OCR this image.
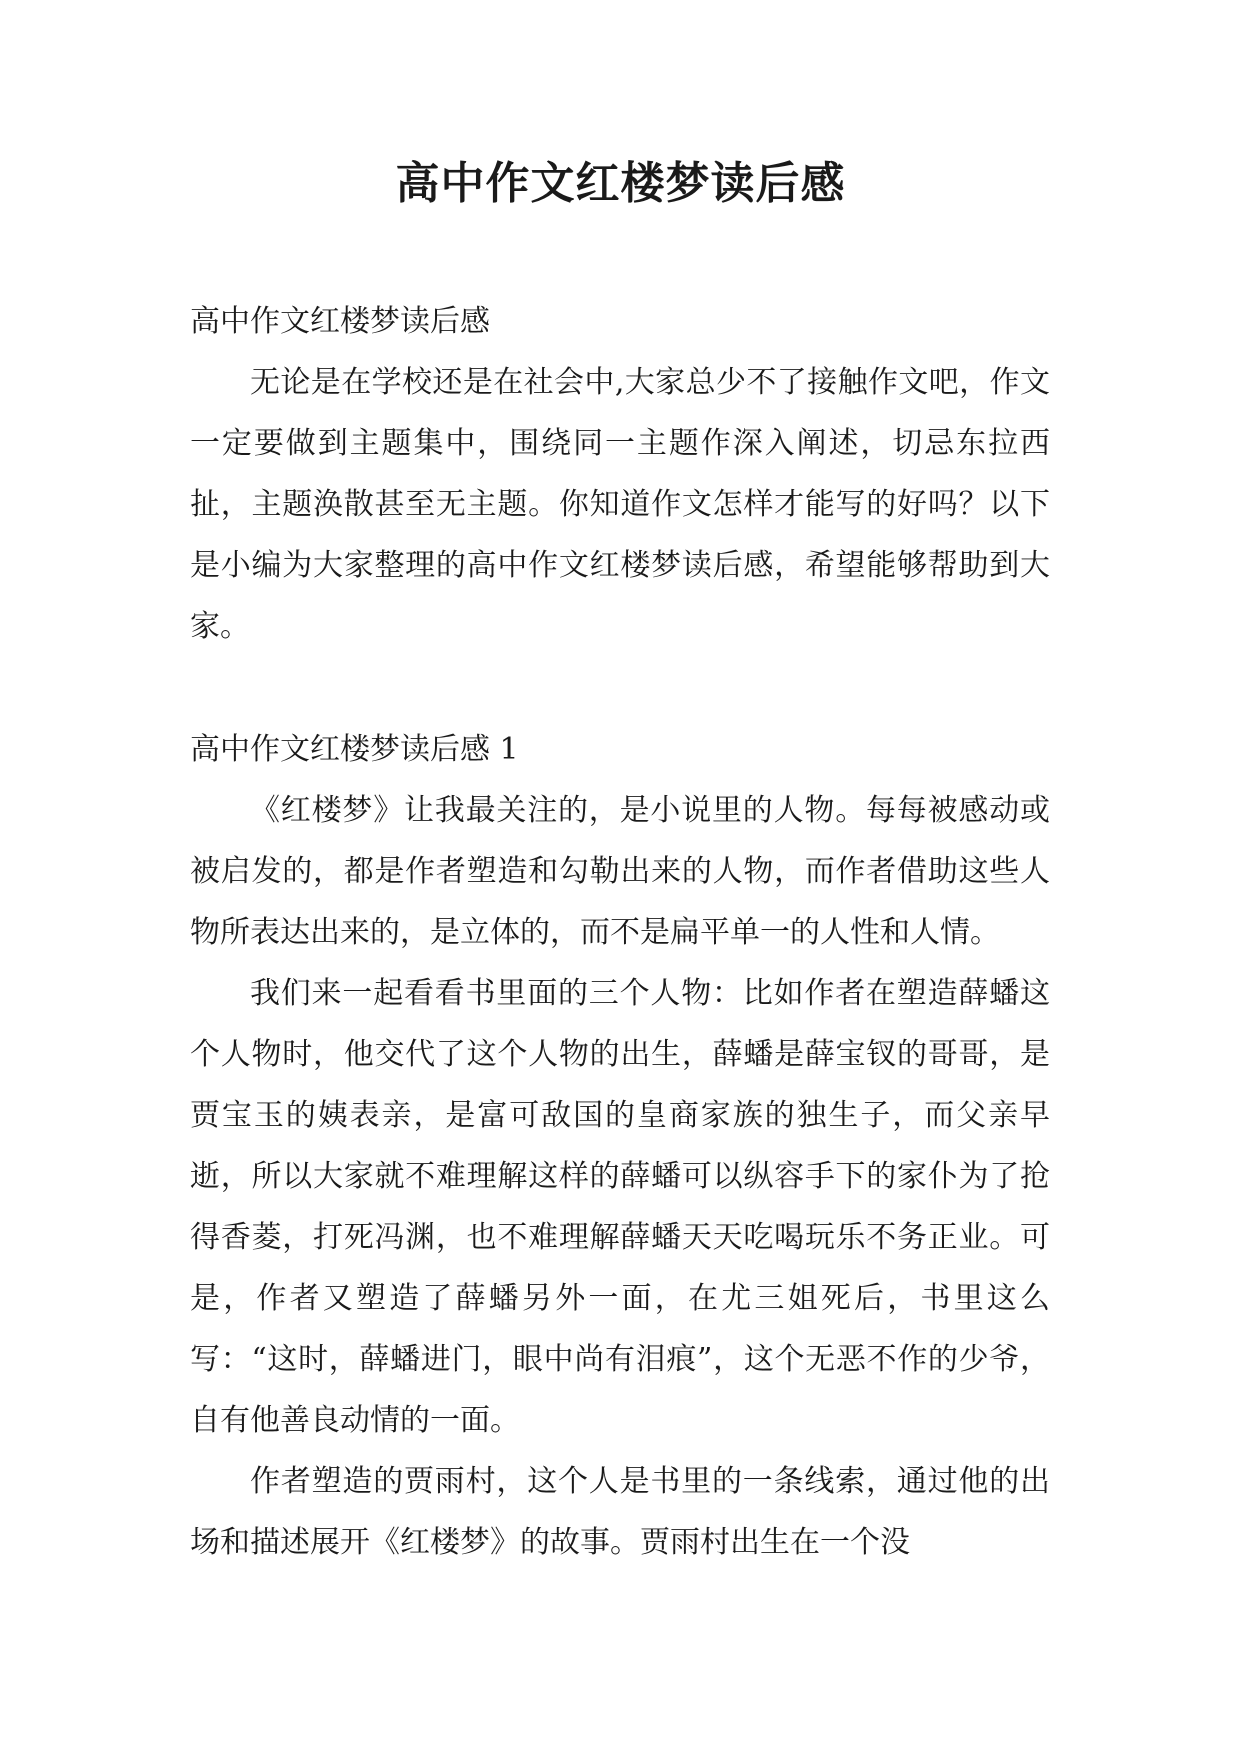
高中作文红楼梦读后感

高中作文红楼梦读后感

无论是在学校还是在社会中,大家总少不了接触作文吧，作文一定要做到主题集中，围绕同一主题作深入阐述，切忌东拉西扯，主题涣散甚至无主题。你知道作文怎样才能写的好吗？以下是小编为大家整理的高中作文红楼梦读后感，希望能够帮助到大家。

高中作文红楼梦读后感 1

《红楼梦》让我最关注的，是小说里的人物。每每被感动或被启发的，都是作者塑造和勾勒出来的人物，而作者借助这些人物所表达出来的，是立体的，而不是扁平单一的人性和人情。

我们来一起看看书里面的三个人物：比如作者在塑造薛蟠这个人物时，他交代了这个人物的出生，薛蟠是薛宝钗的哥哥，是贾宝玉的姨表亲，是富可敌国的皇商家族的独生子，而父亲早逝，所以大家就不难理解这样的薛蟠可以纵容手下的家仆为了抢得香菱，打死冯渊，也不难理解薛蟠天天吃喝玩乐不务正业。可是，作者又塑造了薛蟠另外一面，在尤三姐死后，书里这么写：“这时，薛蟠进门，眼中尚有泪痕”，这个无恶不作的少爷，自有他善良动情的一面。

作者塑造的贾雨村，这个人是书里的一条线索，通过他的出场和描述展开《红楼梦》的故事。贾雨村出生在一个没
